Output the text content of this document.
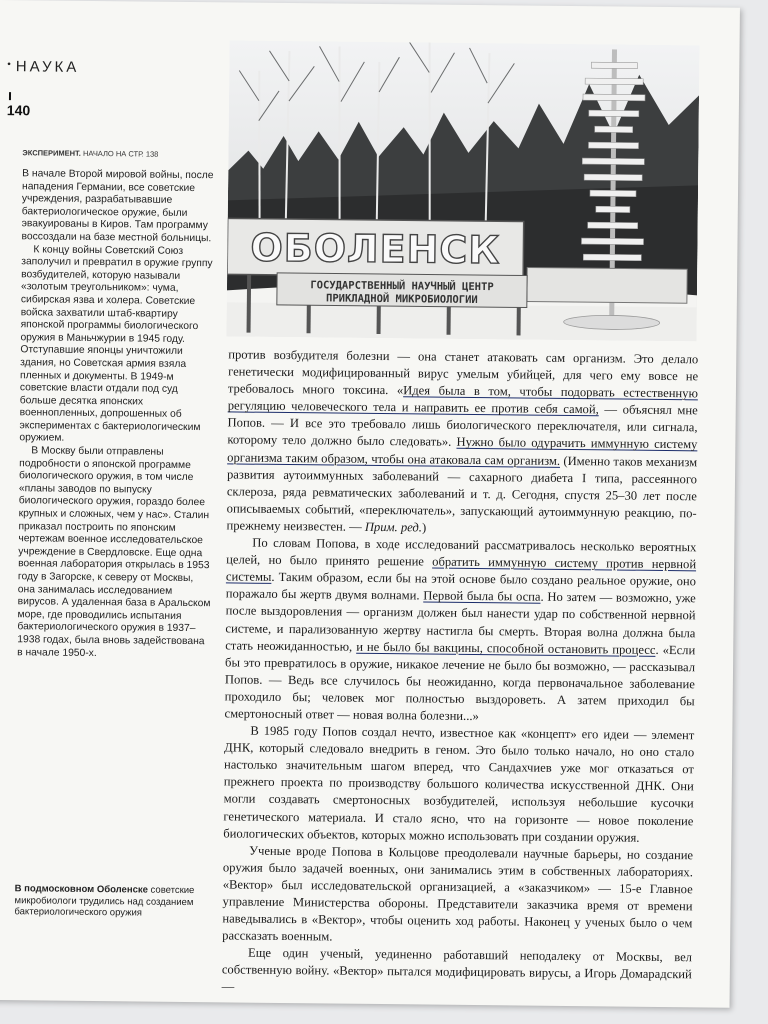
• НАУКА
140
ЭКСПЕРИМЕНТ. НАЧАЛО НА СТР. 138

В начале Второй мировой войны, после нападения Германии, все советские учреждения, разрабатывавшие бактериологическое оружие, были эвакуированы в Киров. Там программу воссоздали на базе местной больницы.

К концу войны Советский Союз заполучил и превратил в оружие группу возбудителей, которую называли «золотым треугольником»: чума, сибирская язва и холера. Советские войска захватили штаб-квартиру японской программы биологического оружия в Маньчжурии в 1945 году. Отступавшие японцы уничтожили здания, но Советская армия взяла пленных и документы. В 1949-м советские власти отдали под суд больше десятка японских военнопленных, допрошенных об экспериментах с бактериологическим оружием.

В Москву были отправлены подробности о японской программе биологического оружия, в том числе «планы заводов по выпуску биологического оружия, гораздо более крупных и сложных, чем у нас». Сталин приказал построить по японским чертежам военное исследовательское учреждение в Свердловске. Еще одна военная лаборатория открылась в 1953 году в Загорске, к северу от Москвы, она занималась исследованием вирусов. А удаленная база в Аральском море, где проводились испытания бактериологического оружия в 1937–1938 годах, была вновь задействована в начале 1950-х.

ОБОЛЕНСК
ГОСУДАРСТВЕННЫЙ НАУЧНЫЙ ЦЕНТР
ПРИКЛАДНОЙ МИКРОБИОЛОГИИ

против возбудителя болезни — она станет атаковать сам организм. Это делало генетически модифицированный вирус умелым убийцей, для чего ему вовсе не требовалось много токсина. «Идея была в том, чтобы подорвать естественную регуляцию человеческого тела и направить ее против себя самой, — объяснял мне Попов. — И все это требовало лишь биологического переключателя, или сигнала, которому тело должно было следовать». Нужно было одурачить иммунную систему организма таким образом, чтобы она атаковала сам организм. (Именно таков механизм развития аутоиммунных заболеваний — сахарного диабета I типа, рассеянного склероза, ряда ревматических заболеваний и т. д. Сегодня, спустя 25–30 лет после описываемых событий, «переключатель», запускающий аутоиммунную реакцию, по-прежнему неизвестен. — Прим. ред.)

По словам Попова, в ходе исследований рассматривалось несколько вероятных целей, но было принято решение обратить иммунную систему против нервной системы. Таким образом, если бы на этой основе было создано реальное оружие, оно поражало бы жертв двумя волнами. Первой была бы оспа. Но затем — возможно, уже после выздоровления — организм должен был нанести удар по собственной нервной системе, и парализованную жертву настигла бы смерть. Вторая волна должна была стать неожиданностью, и не было бы вакцины, способной остановить процесс. «Если бы это превратилось в оружие, никакое лечение не было бы возможно, — рассказывал Попов. — Ведь все случилось бы неожиданно, когда первоначальное заболевание проходило бы; человек мог полностью выздороветь. А затем приходил бы смертоносный ответ — новая волна болезни...»

В 1985 году Попов создал нечто, известное как «концепт» его идеи — элемент ДНК, который следовало внедрить в геном. Это было только начало, но оно стало настолько значительным шагом вперед, что Сандахчиев уже мог отказаться от прежнего проекта по производству большого количества искусственной ДНК. Они могли создавать смертоносных возбудителей, используя небольшие кусочки генетического материала. И стало ясно, что на горизонте — новое поколение биологических объектов, которых можно использовать при создании оружия.

Ученые вроде Попова в Кольцове преодолевали научные барьеры, но создание оружия было задачей военных, они занимались этим в собственных лабораториях. «Вектор» был исследовательской организацией, а «заказчиком» — 15-е Главное управление Министерства обороны. Представители заказчика время от времени наведывались в «Вектор», чтобы оценить ход работы. Наконец у ученых было о чем рассказать военным.

Еще один ученый, уединенно работавший неподалеку от Москвы, вел собственную войну. «Вектор» пытался модифицировать вирусы, а Игорь Домарадский —

В подмосковном Оболенске советские микробиологи трудились над созданием бактериологического оружия
